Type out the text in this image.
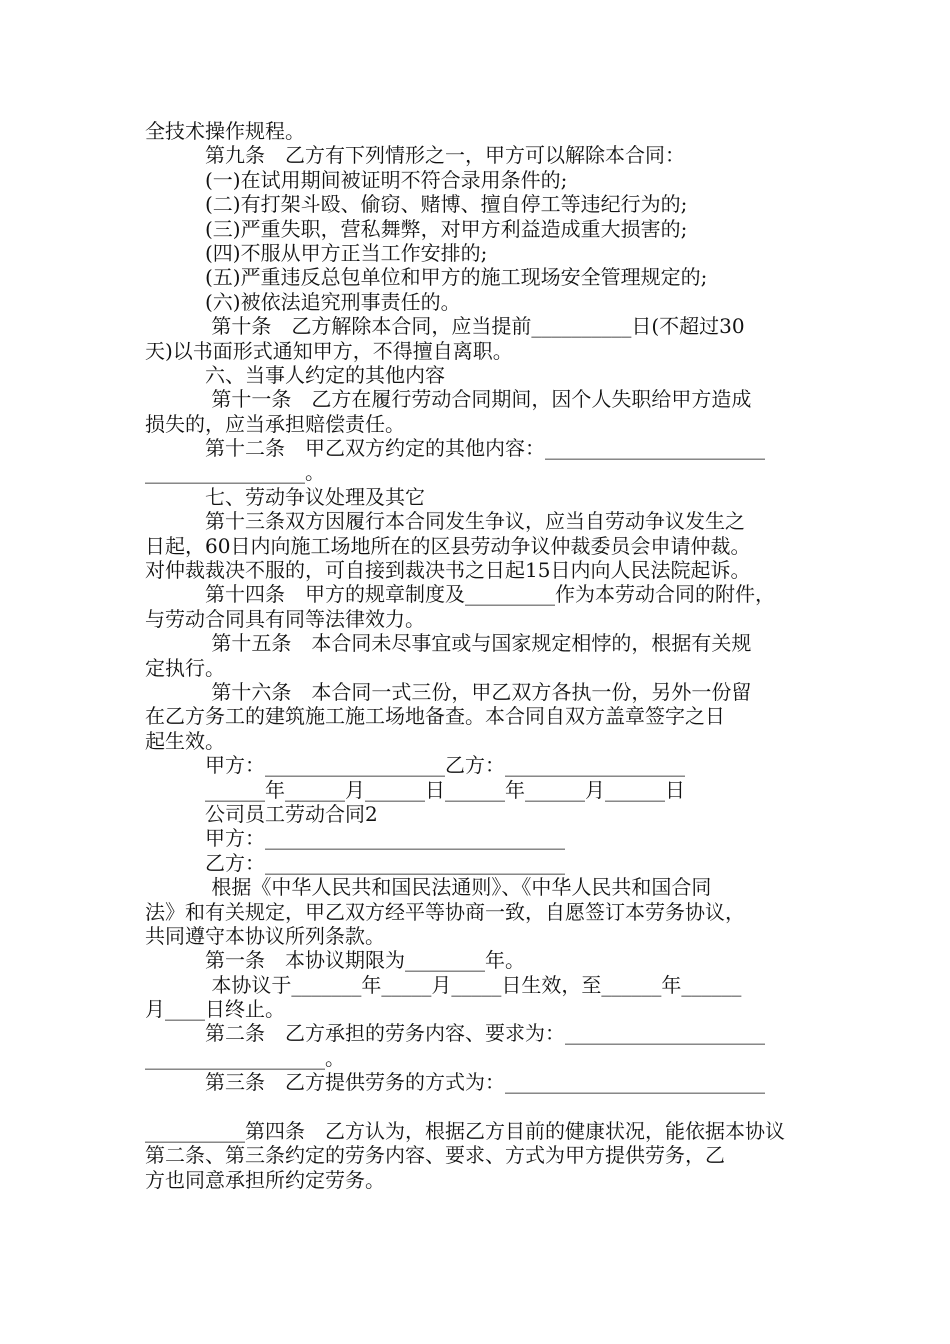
全技术操作规程。
　　　第九条　乙方有下列情形之一，甲方可以解除本合同：
　　　(一)在试用期间被证明不符合录用条件的;
　　　(二)有打架斗殴、偷窃、赌博、擅自停工等违纪行为的;
　　　(三)严重失职，营私舞弊，对甲方利益造成重大损害的;
　　　(四)不服从甲方正当工作安排的;
　　　(五)严重违反总包单位和甲方的施工现场安全管理规定的;
　　　(六)被依法追究刑事责任的。
　　　 第十条　乙方解除本合同，应当提前__________日(不超过30
天)以书面形式通知甲方，不得擅自离职。
　　　六、当事人约定的其他内容
　　　 第十一条　乙方在履行劳动合同期间，因个人失职给甲方造成
损失的，应当承担赔偿责任。
　　　第十二条　甲乙双方约定的其他内容：______________________
________________。
　　　七、劳动争议处理及其它
　　　第十三条双方因履行本合同发生争议，应当自劳动争议发生之
日起，60日内向施工场地所在的区县劳动争议仲裁委员会申请仲裁。
对仲裁裁决不服的，可自接到裁决书之日起15日内向人民法院起诉。
　　　第十四条　甲方的规章制度及_________作为本劳动合同的附件，
与劳动合同具有同等法律效力。
　　　 第十五条　本合同未尽事宜或与国家规定相悖的，根据有关规
定执行。
　　　 第十六条　本合同一式三份，甲乙双方各执一份，另外一份留
在乙方务工的建筑施工施工场地备查。本合同自双方盖章签字之日
起生效。
　　　甲方：__________________乙方：__________________
　　　______年______月______日______年______月______日
　　　公司员工劳动合同2
　　　甲方：______________________________
　　　乙方：______________________________
　　　 根据《中华人民共和国民法通则》、《中华人民共和国合同
法》和有关规定，甲乙双方经平等协商一致，自愿签订本劳务协议，
共同遵守本协议所列条款。
　　　第一条　本协议期限为________年。
　　　 本协议于_______年_____月_____日生效，至______年______
月____日终止。
　　　第二条　乙方承担的劳务内容、要求为：____________________
__________________。
　　　第三条　乙方提供劳务的方式为：__________________________
__________第四条　乙方认为，根据乙方目前的健康状况，能依据本协议
第二条、第三条约定的劳务内容、要求、方式为甲方提供劳务，乙
方也同意承担所约定劳务。
